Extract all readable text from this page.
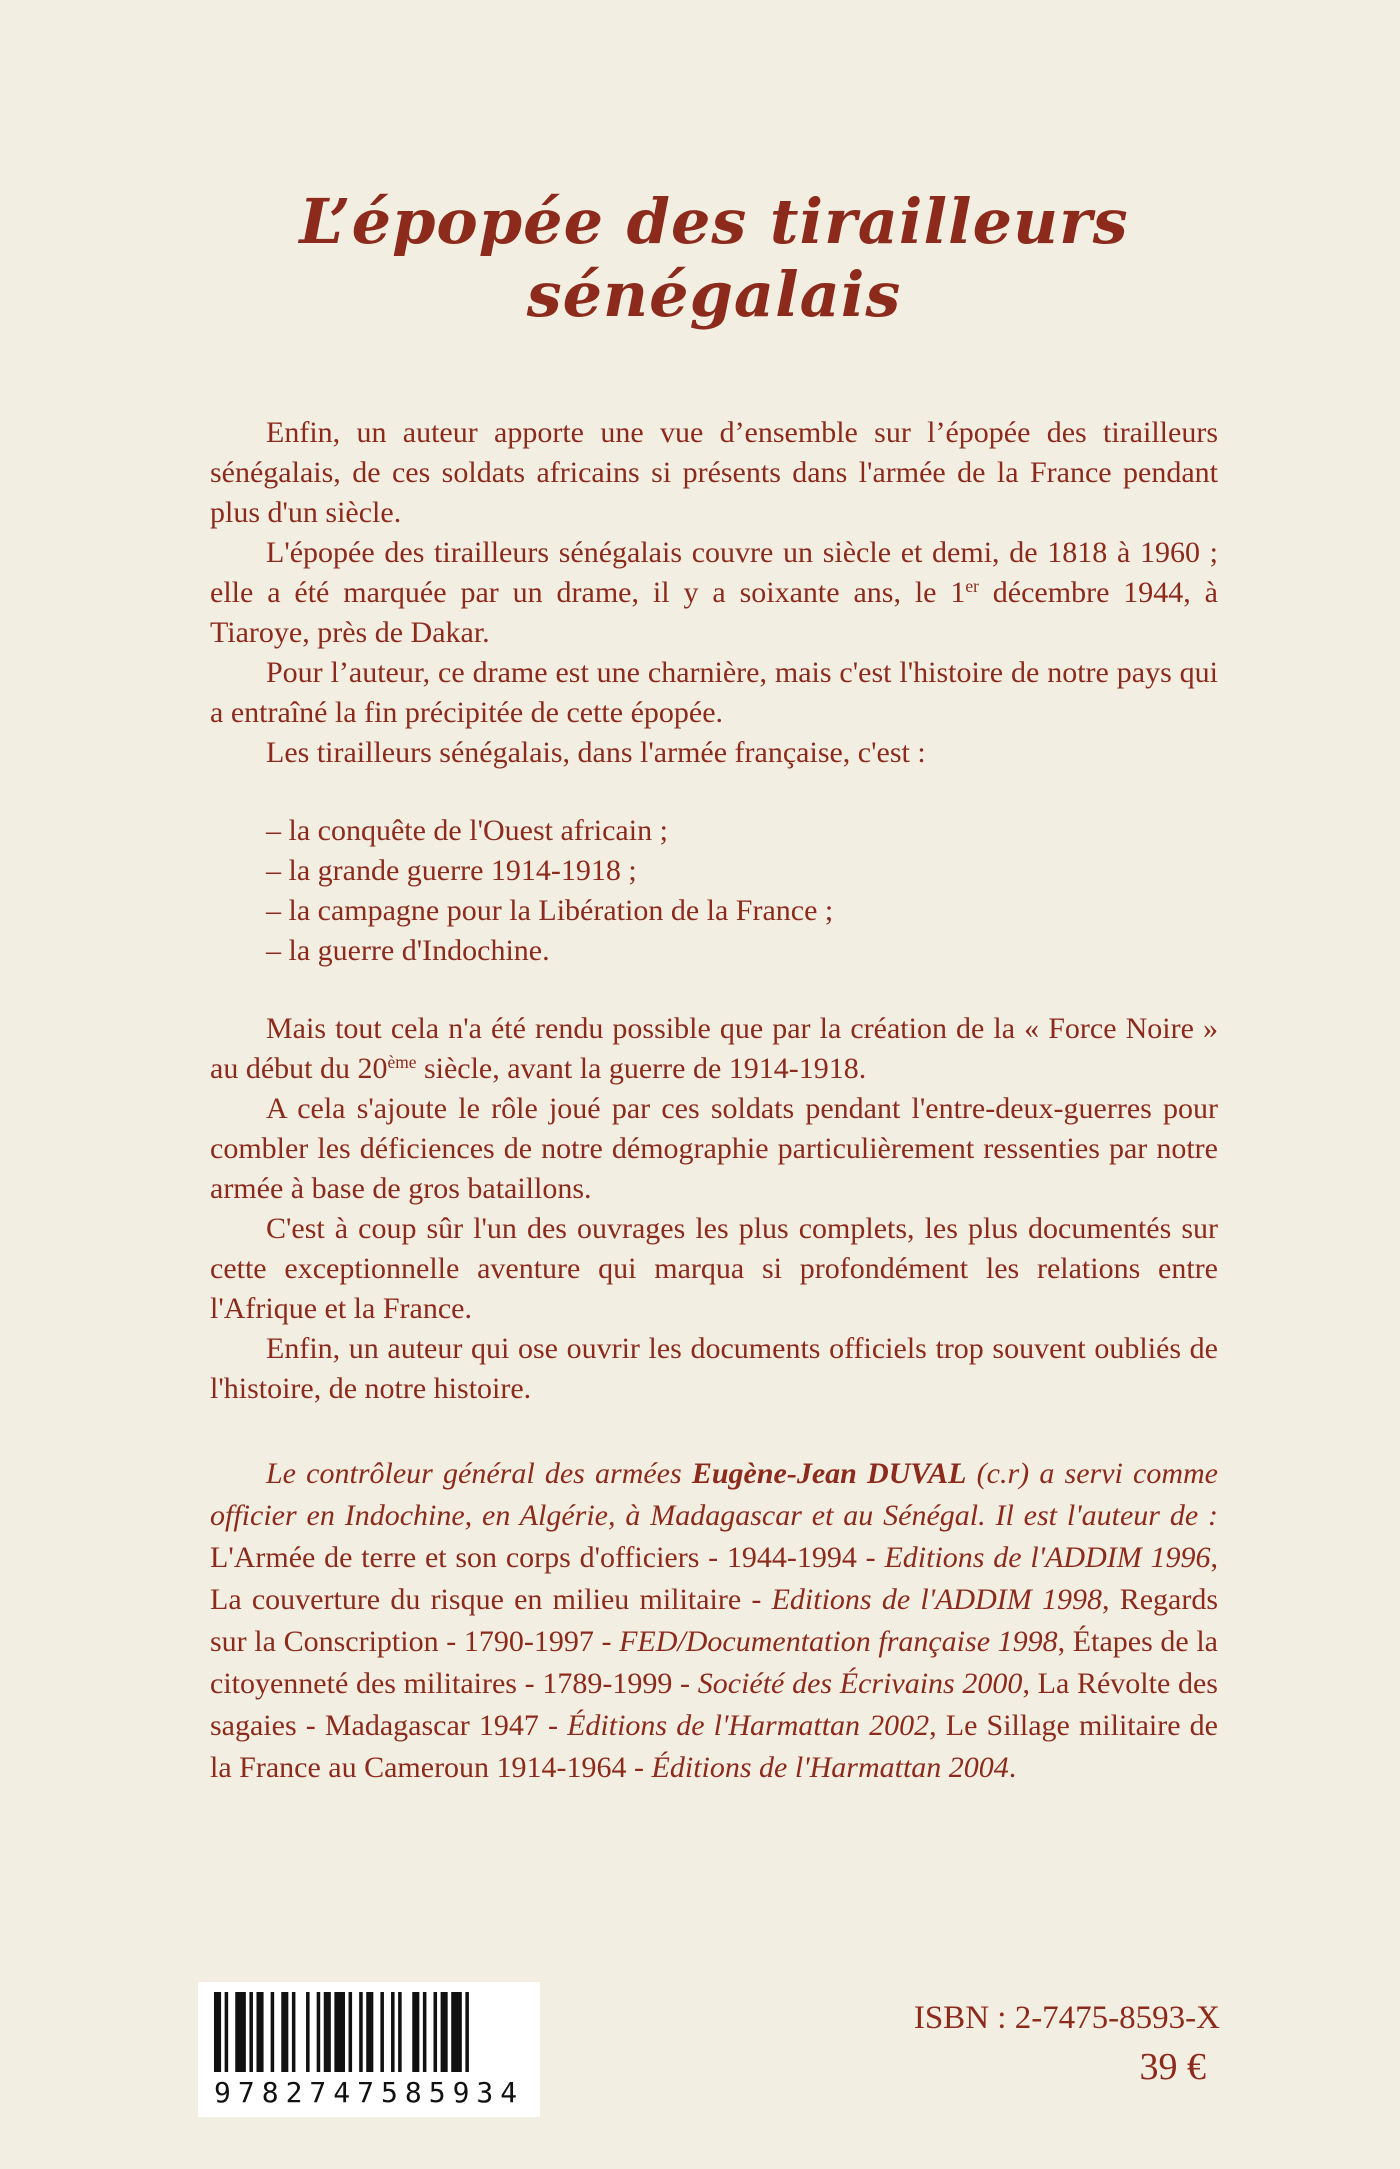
L’épopée des tirailleurs sénégalais

Enfin, un auteur apporte une vue d’ensemble sur l’épopée des tirailleurs sénégalais, de ces soldats africains si présents dans l'armée de la France pendant plus d'un siècle.

L'épopée des tirailleurs sénégalais couvre un siècle et demi, de 1818 à 1960 ; elle a été marquée par un drame, il y a soixante ans, le 1er décembre 1944, à Tiaroye, près de Dakar.

Pour l’auteur, ce drame est une charnière, mais c'est l'histoire de notre pays qui a entraîné la fin précipitée de cette épopée.

Les tirailleurs sénégalais, dans l'armée française, c'est :

– la conquête de l'Ouest africain ;
– la grande guerre 1914-1918 ;
– la campagne pour la Libération de la France ;
– la guerre d'Indochine.

Mais tout cela n'a été rendu possible que par la création de la « Force Noire » au début du 20ème siècle, avant la guerre de 1914-1918.

A cela s'ajoute le rôle joué par ces soldats pendant l'entre-deux-guerres pour combler les déficiences de notre démographie particulièrement ressenties par notre armée à base de gros bataillons.

C'est à coup sûr l'un des ouvrages les plus complets, les plus documentés sur cette exceptionnelle aventure qui marqua si profondément les relations entre l'Afrique et la France.

Enfin, un auteur qui ose ouvrir les documents officiels trop souvent oubliés de l'histoire, de notre histoire.

Le contrôleur général des armées Eugène-Jean DUVAL (c.r) a servi comme officier en Indochine, en Algérie, à Madagascar et au Sénégal. Il est l'auteur de : L'Armée de terre et son corps d'officiers - 1944-1994 - Editions de l'ADDIM 1996, La couverture du risque en milieu militaire - Editions de l'ADDIM 1998, Regards sur la Conscription - 1790-1997 - FED/Documentation française 1998, Étapes de la citoyenneté des militaires - 1789-1999 - Société des Écrivains 2000, La Révolte des sagaies - Madagascar 1947 - Éditions de l'Harmattan 2002, Le Sillage militaire de la France au Cameroun 1914-1964 - Éditions de l'Harmattan 2004.

9782747585934
ISBN : 2-7475-8593-X
39 €
